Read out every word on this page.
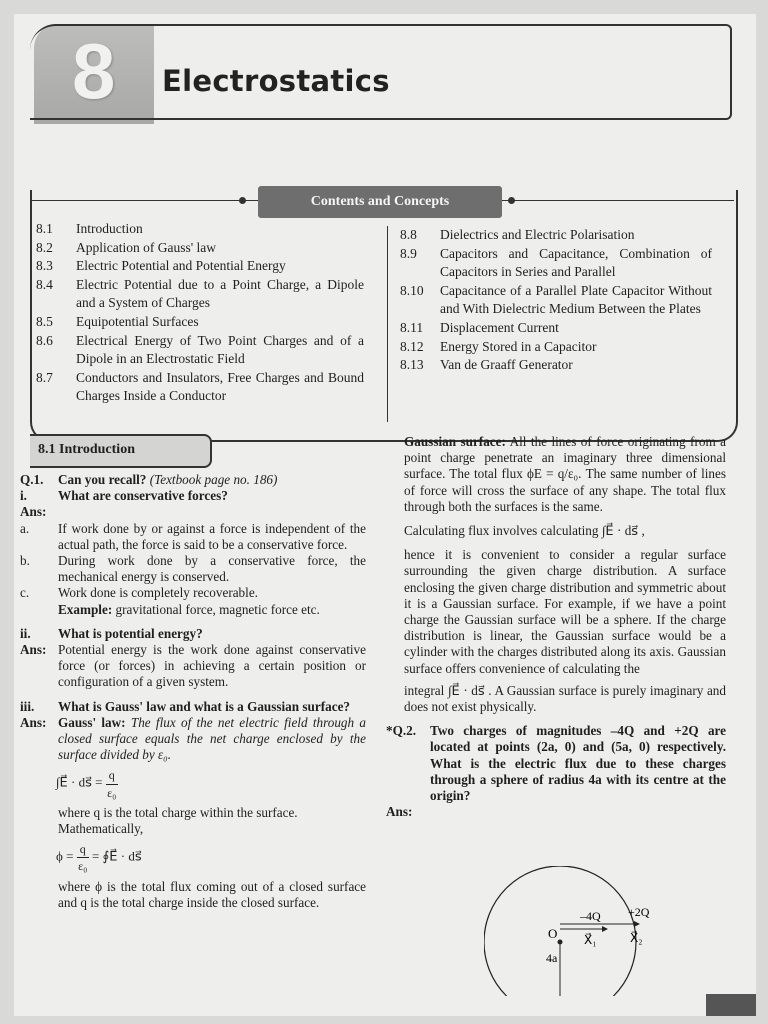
8 Electrostatics
Contents and Concepts
8.1	Introduction
8.2	Application of Gauss' law
8.3	Electric Potential and Potential Energy
8.4	Electric Potential due to a Point Charge, a Dipole and a System of Charges
8.5	Equipotential Surfaces
8.6	Electrical Energy of Two Point Charges and of a Dipole in an Electrostatic Field
8.7	Conductors and Insulators, Free Charges and Bound Charges Inside a Conductor
8.8	Dielectrics and Electric Polarisation
8.9	Capacitors and Capacitance, Combination of Capacitors in Series and Parallel
8.10	Capacitance of a Parallel Plate Capacitor Without and With Dielectric Medium Between the Plates
8.11	Displacement Current
8.12	Energy Stored in a Capacitor
8.13	Van de Graaff Generator
8.1 Introduction
Q.1.	Can you recall? (Textbook page no. 186)
i.	What are conservative forces?
Ans:
a.	If work done by or against a force is independent of the actual path, the force is said to be a conservative force.
b.	During work done by a conservative force, the mechanical energy is conserved.
c.	Work done is completely recoverable.
Example: gravitational force, magnetic force etc.
ii.	What is potential energy?
Ans: Potential energy is the work done against conservative force (or forces) in achieving a certain position or configuration of a given system.
iii.	What is Gauss' law and what is a Gaussian surface?
Ans: Gauss' law: The flux of the net electric field through a closed surface equals the net charge enclosed by the surface divided by ε₀.
∫E⃗ · ds⃗ = $\frac{q}{\text{ε₀}}$
where q is the total charge within the surface.
Mathematically,
$\phi = \frac{q}{\text{ε₀}}$ = ∮E⃗ · ds⃗
where ϕ is the total flux coming out of a closed surface and q is the total charge inside the closed surface.
Gaussian surface: All the lines of force originating from a point charge penetrate an imaginary three dimensional surface. The total flux ϕE = q/ε₀. The same number of lines of force will cross the surface of any shape. The total flux through both the surfaces is the same.
Calculating flux involves calculating ∫E⃗ · ds⃗ ,
hence it is convenient to consider a regular surface surrounding the given charge distribution. A surface enclosing the given charge distribution and symmetric about it is a Gaussian surface. For example, if we have a point charge the Gaussian surface will be a sphere. If the charge distribution is linear, the Gaussian surface would be a cylinder with the charges distributed along its axis. Gaussian surface offers convenience of calculating the
integral ∫E⃗ · ds⃗ . A Gaussian surface is purely imaginary and does not exist physically.
*Q.2.	Two charges of magnitudes –4Q and +2Q are located at points (2a, 0) and (5a, 0) respectively. What is the electric flux due to these charges through a sphere of radius 4a with its centre at the origin?
Ans:
O
4a
–4Q +2Q
X⃗₁	X⃗₂
